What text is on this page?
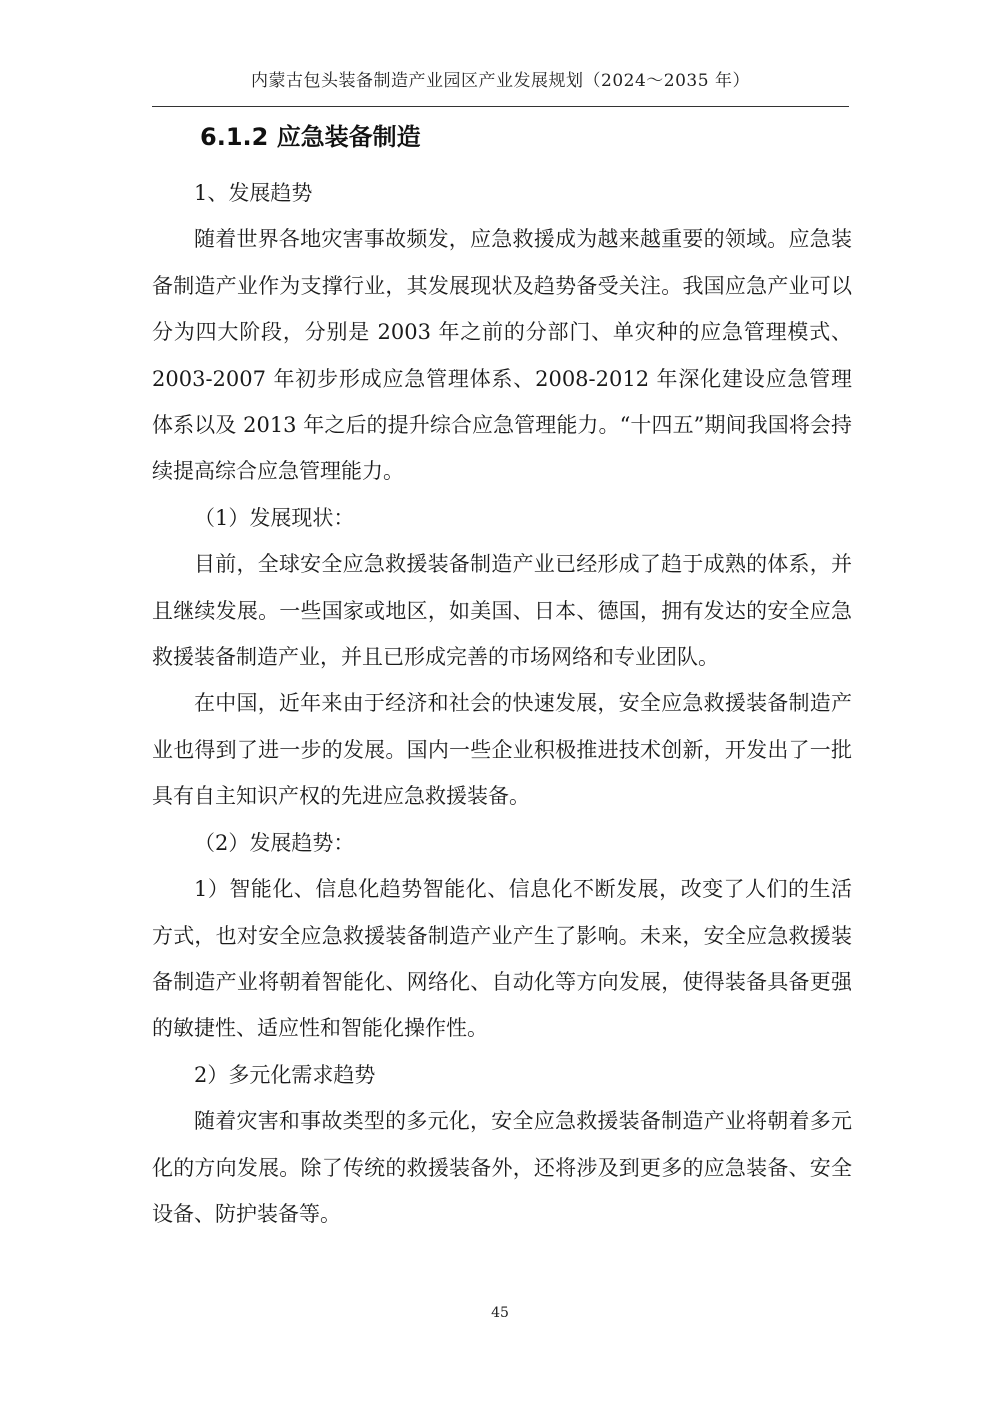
内蒙古包头装备制造产业园区产业发展规划（2024～2035 年）
6.1.2 应急装备制造

1、发展趋势

随着世界各地灾害事故频发，应急救援成为越来越重要的领域。应急装备制造产业作为支撑行业，其发展现状及趋势备受关注。我国应急产业可以分为四大阶段，分别是 2003 年之前的分部门、单灾种的应急管理模式、2003-2007 年初步形成应急管理体系、2008-2012 年深化建设应急管理体系以及 2013 年之后的提升综合应急管理能力。“十四五”期间我国将会持续提高综合应急管理能力。

（1）发展现状：

目前，全球安全应急救援装备制造产业已经形成了趋于成熟的体系，并且继续发展。一些国家或地区，如美国、日本、德国，拥有发达的安全应急救援装备制造产业，并且已形成完善的市场网络和专业团队。

在中国，近年来由于经济和社会的快速发展，安全应急救援装备制造产业也得到了进一步的发展。国内一些企业积极推进技术创新，开发出了一批具有自主知识产权的先进应急救援装备。

（2）发展趋势：

1）智能化、信息化趋势智能化、信息化不断发展，改变了人们的生活方式，也对安全应急救援装备制造产业产生了影响。未来，安全应急救援装备制造产业将朝着智能化、网络化、自动化等方向发展，使得装备具备更强的敏捷性、适应性和智能化操作性。

2）多元化需求趋势

随着灾害和事故类型的多元化，安全应急救援装备制造产业将朝着多元化的方向发展。除了传统的救援装备外，还将涉及到更多的应急装备、安全设备、防护装备等。

45
